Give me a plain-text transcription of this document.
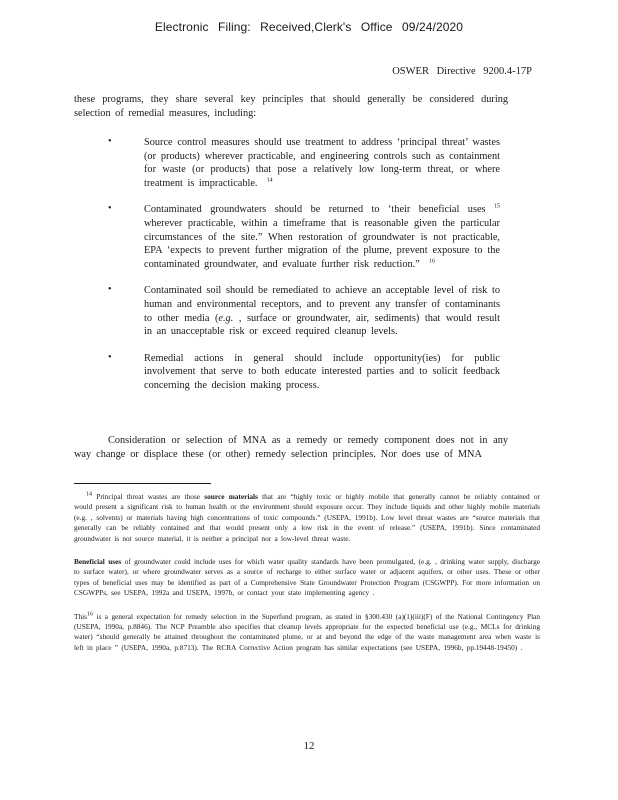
Electronic Filing: Received,Clerk's Office 09/24/2020
OSWER Directive 9200.4-17P

these programs, they share several key principles that should generally be considered during selection of remedial measures, including:

•	Source control measures should use treatment to address ‘principal threat’ wastes (or products) wherever practicable, and engineering controls such as containment for waste (or products) that pose a relatively low long-term threat, or where treatment is impracticable. $^{14}$
•	Contaminated groundwaters should be returned to ‘their beneficial uses $^{15}$ wherever practicable, within a timeframe that is reasonable given the particular circumstances of the site.” When restoration of groundwater is not practicable, EPA ‘expects to prevent further migration of the plume, prevent exposure to the contaminated groundwater, and evaluate further risk reduction.” $^{16}$
•	Contaminated soil should be remediated to achieve an acceptable level of risk to human and environmental receptors, and to prevent any transfer of contaminants to other media (e.g. , surface or groundwater, air, sediments) that would result in an unacceptable risk or exceed required cleanup levels.
•	Remedial actions in general should include opportunity(ies) for public involvement that serve to both educate interested parties and to solicit feedback concerning the decision making process.

Consideration or selection of MNA as a remedy or remedy component does not in any way change or displace these (or other) remedy selection principles. Nor does use of MNA

$^{14}$ Principal threat wastes are those source materials that are “highly toxic or highly mobile that generally cannot be reliably contained or would present a significant risk to human health or the environment should exposure occur. They include liquids and other highly mobile materials (e.g. , solvents) or materials having high concentrations of toxic compounds.” (USEPA, 1991b). Low level threat wastes are “source materials that generally can be reliably contained and that would present only a low risk in the event of release.” (USEPA, 1991b). Since contaminated groundwater is not source material, it is neither a principal nor a low-level threat waste.

Beneficial uses of groundwater could include uses for which water quality standards have been promulgated, (e.g. , drinking water supply, discharge to surface water), or where groundwater serves as a source of recharge to either surface water or adjacent aquifers, or other uses. These or other types of beneficial uses may be identified as part of a Comprehensive State Groundwater Protection Program (CSGWPP). For more information on CSGWPPs, see USEPA, 1992a and USEPA, 1997b, or contact your state implementing agency .

This$^{16}$ is a general expectation for remedy selection in the Superfund program, as stated in §300.430 (a)(1)(iii)(F) of the National Contingency Plan (USEPA, 1990a, p.8846). The NCP Preamble also specifies that cleanup levels appropriate for the expected beneficial use (e.g., MCLs for drinking water) “should generally be attained throughout the contaminated plume, or at and beyond the edge of the waste management area when waste is left in place ” (USEPA, 1990a, p.8713). The RCRA Corrective Action program has similar expectations (see USEPA, 1996b, pp.19448-19450) .

12
